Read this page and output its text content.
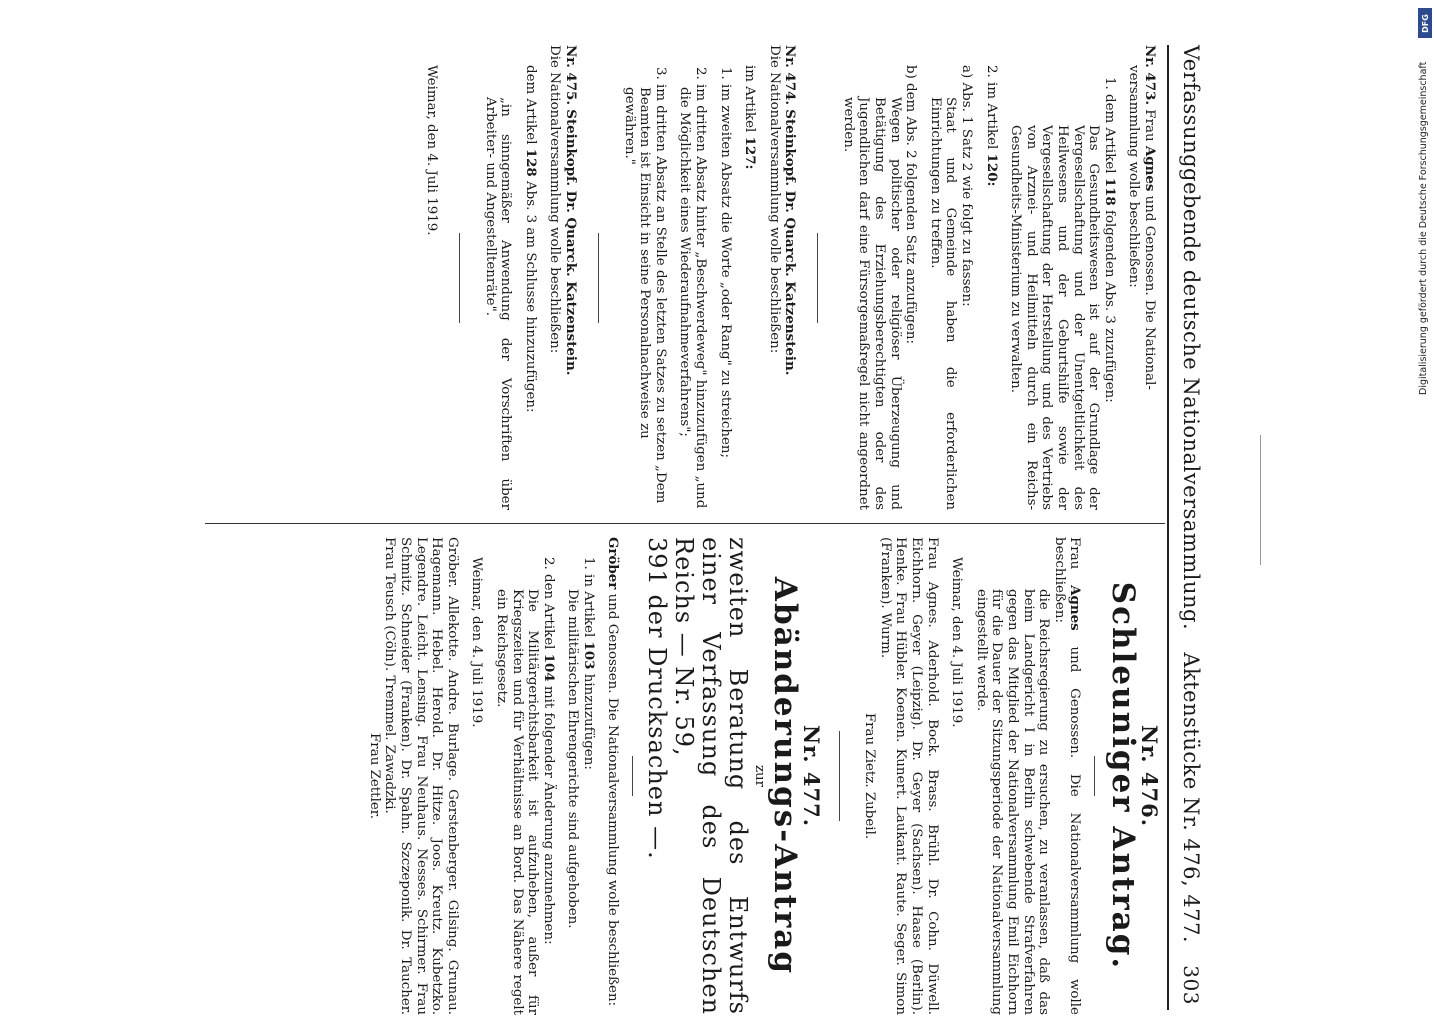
Verfassunggebende deutsche Nationalversammlung.
Aktenstücke Nr. 476, 477.
303

Nr. 473. Frau Agnes und Genossen. Die National-

versammlung wolle beschließen:

1. dem Artikel 118 folgenden Abs. 3 zuzufügen:

Das Gesundheitswesen ist auf der Grundlage der Vergesellschaftung und der Unentgeltlichkeit des Heilwesens und der Geburtshilfe sowie der Vergesellschaftung der Herstellung und des Vertriebs von Arznei- und Heilmitteln durch ein Reichs-Gesundheits-Ministerium zu verwalten.

2. im Artikel 120:

a) Abs. 1 Satz 2 wie folgt zu fassen:

Staat und Gemeinde haben die erforderlichen Einrichtungen zu treffen.

b) dem Abs. 2 folgenden Satz anzufügen:

Wegen politischer oder religiöser Überzeugung und Betätigung des Erziehungsberechtigten oder des Jugendlichen darf eine Fürsorgemaßregel nicht angeordnet werden.

Nr. 474. Steinkopf. Dr. Quarck. Katzenstein.

Die Nationalversammlung wolle beschließen:

im Artikel 127:

1. im zweiten Absatz die Worte „oder Rang" zu streichen;

2. im dritten Absatz hinter „Beschwerdeweg" hinzuzufügen „und die Möglichkeit eines Wiederaufnahmeverfahrens";

3. im dritten Absatz an Stelle des letzten Satzes zu setzen „Dem Beamten ist Einsicht in seine Personalnachweise zu gewähren."

Nr. 475. Steinkopf. Dr. Quarck. Katzenstein.

Die Nationalversammlung wolle beschließen:

dem Artikel 128 Abs. 3 am Schlusse hinzuzufügen:

„in sinngemäßer Anwendung der Vorschriften über Arbeiter- und Angestelltenräte".

Weimar, den 4. Juli 1919.

Nr. 476.

Schleuniger Antrag.

Frau Agnes und Genossen. Die Nationalversammlung wolle beschließen:

die Reichsregierung zu ersuchen, zu veranlassen, daß das beim Landgericht I in Berlin schwebende Strafverfahren gegen das Mitglied der Nationalversammlung Emil Eichhorn für die Dauer der Sitzungsperiode der Nationalversammlung eingestellt werde.

Weimar, den 4. Juli 1919.

Frau Agnes. Aderhold. Bock. Brass. Brühl. Dr. Cohn. Düwell. Eichhorn. Geyer (Leipzig). Dr. Geyer (Sachsen). Haase (Berlin). Henke. Frau Hübler. Koenen. Kunert. Laukant. Raute. Seger. Simon (Franken). Wurm.

Frau Zietz. Zubeil.

Nr. 477.

Abänderungs-Antrag

zur

zweiten Beratung des Entwurfs einer Verfassung des Deutschen Reichs — Nr. 59,

391 der Drucksachen —.

Gröber und Genossen. Die Nationalversammlung wolle beschließen:

1. in Artikel 103 hinzuzufügen:

Die militärischen Ehrengerichte sind aufgehoben.

2. den Artikel 104 mit folgender Änderung anzunehmen:

Die Militärgerichtsbarkeit ist aufzuheben, außer für Kriegszeiten und für Verhältnisse an Bord. Das Nähere regelt ein Reichsgesetz.

Weimar, den 4. Juli 1919.

Gröber. Allekotte. Andre. Burlage. Gerstenberger. Gilsing. Grunau. Hagemann. Hebel. Herold. Dr. Hitze. Joos. Kreutz. Kubetzko. Legendre. Leicht. Lensing. Frau Neuhaus. Nesses. Schirmer. Frau Schmitz. Schneider (Franken). Dr. Spahn. Szczeponik. Dr. Taucher. Frau Teusch (Cöln). Tremmel. Zawadzki.

Frau Zettler.

DFG
Digitalisierung gefördert durch die Deutsche Forschungsgemeinschaft
